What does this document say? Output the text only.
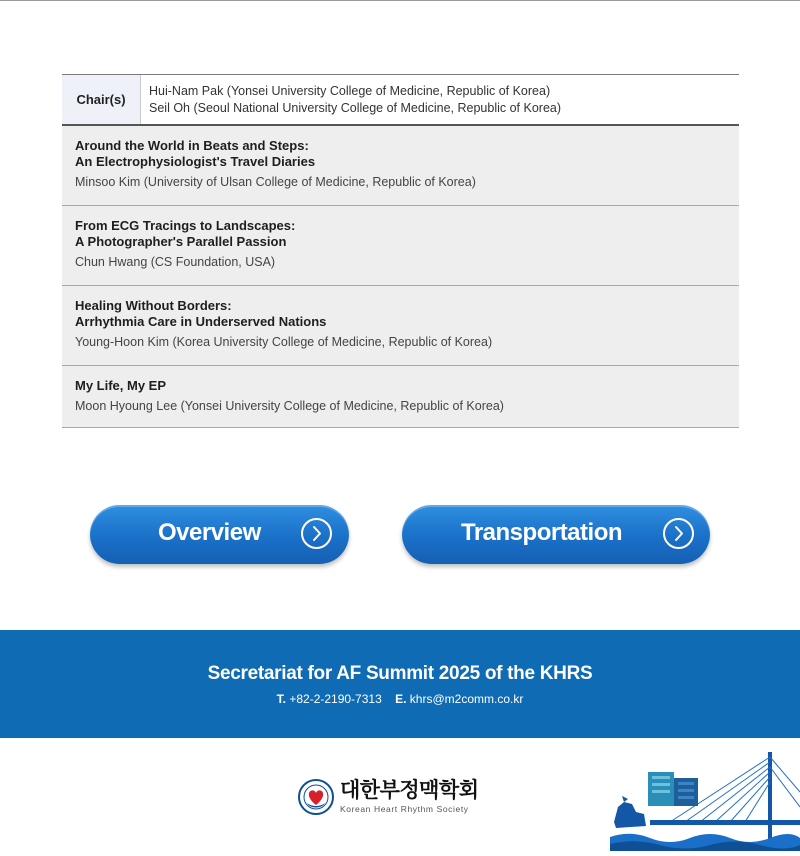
Chair(s)
Hui-Nam Pak (Yonsei University College of Medicine, Republic of Korea)
Seil Oh (Seoul National University College of Medicine, Republic of Korea)
Around the World in Beats and Steps:
An Electrophysiologist's Travel Diaries
Minsoo Kim (University of Ulsan College of Medicine, Republic of Korea)
From ECG Tracings to Landscapes:
A Photographer's Parallel Passion
Chun Hwang (CS Foundation, USA)
Healing Without Borders:
Arrhythmia Care in Underserved Nations
Young-Hoon Kim (Korea University College of Medicine, Republic of Korea)
My Life, My EP
Moon Hyoung Lee (Yonsei University College of Medicine, Republic of Korea)
Overview	Transportation
Secretariat for AF Summit 2025 of the KHRS
T. +82-2-2190-7313 E. khrs@m2comm.co.kr
대한부정맥학회
Korean Heart Rhythm Society
